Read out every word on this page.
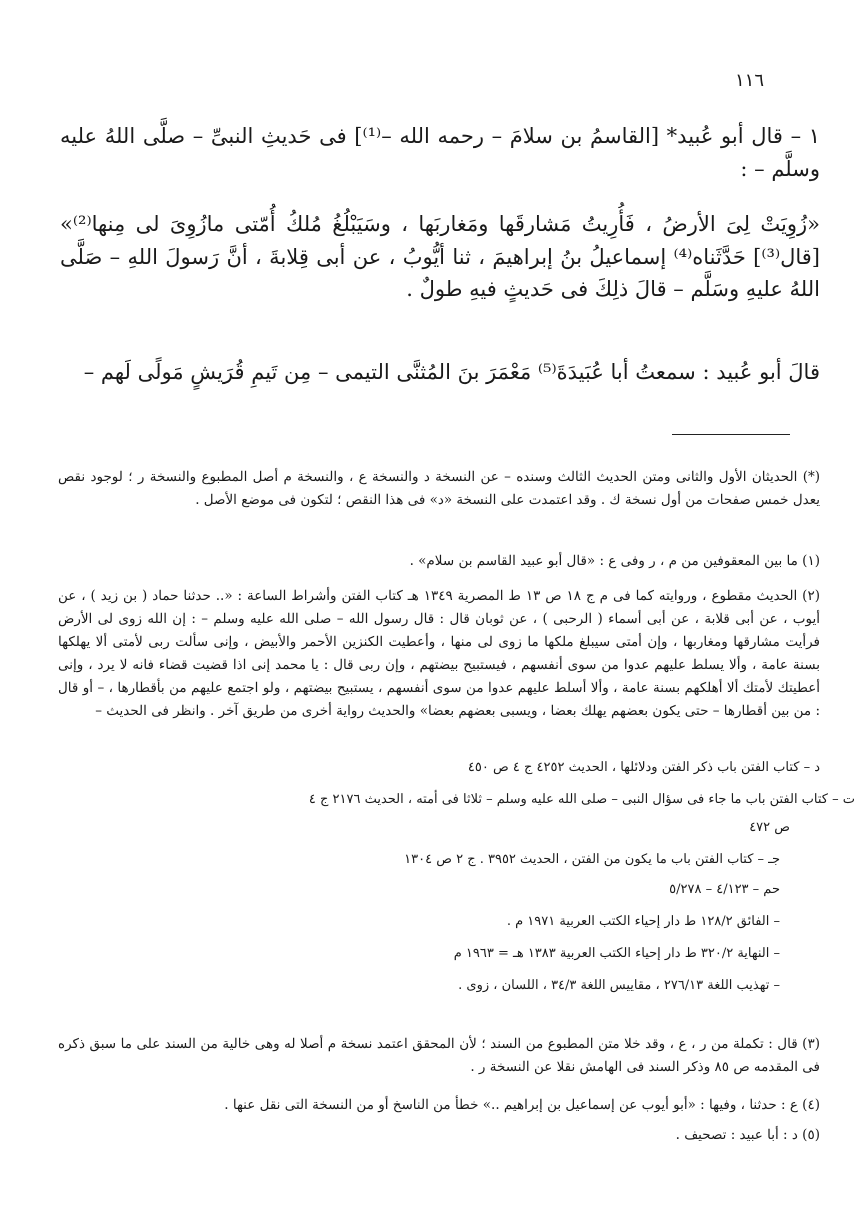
١١٦
١ – قال أبو عُبيد* [القاسمُ بن سلامَ – رحمه الله –⁽¹⁾] فى حَديثِ النبىِّ – صلَّى اللهُ عليه وسلَّم – :
«زُوِيَتْ لِىَ الأرضُ ، فَأُرِيتُ مَشارقَها ومَغاربَها ، وسَيَبْلُغُ مُلكُ أُمّتى مازُوِىَ لى مِنها⁽²⁾» [قال⁽³⁾] حَدَّثَناه⁽⁴⁾ إسماعيلُ بنُ إبراهيمَ ، ثنا أيُّوبُ ، عن أبى قِلابةَ ، أنَّ رَسولَ اللهِ – صَلَّى اللهُ عليهِ وسَلَّم – قالَ ذلِكَ فى حَديثٍ فيهِ طولٌ .
قالَ أبو عُبيد : سمعتُ أبا عُبَيدَةَ⁽⁵⁾ مَعْمَرَ بنَ المُثنَّى التيمى – مِن تَيمِ قُرَيشٍ مَولًى لَهم –
(*) الحديثان الأول والثانى ومتن الحديث الثالث وسنده – عن النسخة د والنسخة ع ، والنسخة م أصل المطبوع والنسخة ر ؛ لوجود نقص يعدل خمس صفحات من أول نسخة ك . وقد اعتمدت على النسخة «د» فى هذا النقص ؛ لتكون فى موضع الأصل .
(١) ما بين المعقوفين من م ، ر وفى ع : «قال أبو عبيد القاسم بن سلام» .
(٢) الحديث مقطوع ، وروايته كما فى م ج ١٨ ص ١٣ ط المصرية ١٣٤٩ هـ كتاب الفتن وأشراط الساعة : «.. حدثنا حماد ( بن زيد ) ، عن أيوب ، عن أبى قلابة ، عن أبى أسماء ( الرحبى ) ، عن ثوبان قال : قال رسول الله – صلى الله عليه وسلم – : إن الله زوى لى الأرض فرأيت مشارقها ومغاربها ، وإن أمتى سيبلغ ملكها ما زوى لى منها ، وأعطيت الكنزين الأحمر والأبيض ، وإنى سألت ربى لأمتى ألا يهلكها بسنة عامة ، وألا يسلط عليهم عدوا من سوى أنفسهم ، فيستبيح بيضتهم ، وإن ربى قال : يا محمد إنى اذا قضيت قضاء فانه لا يرد ، وإنى أعطيتك لأمتك ألا أهلكهم بسنة عامة ، وألا أسلط عليهم عدوا من سوى أنفسهم ، يستبيح بيضتهم ، ولو اجتمع عليهم من بأقطارها ، – أو قال : من بين أقطارها – حتى يكون بعضهم يهلك بعضا ، ويسبى بعضهم بعضا» والحديث رواية أخرى من طريق آخر . وانظر فى الحديث –
د – كتاب الفتن باب ذكر الفتن ودلائلها ، الحديث ٤٢٥٢ ج ٤ ص ٤٥٠
ت – كتاب الفتن باب ما جاء فى سؤال النبى – صلى الله عليه وسلم – ثلاثا فى أمته ، الحديث ٢١٧٦ ج ٤
ص ٤٧٢
جـ – كتاب الفتن باب ما يكون من الفتن ، الحديث ٣٩٥٢ . ج ٢ ص ١٣٠٤
حم – ٤/١٢٣ – ٥/٢٧٨
– الفائق ١٢٨/٢ ط دار إحياء الكتب العربية ١٩٧١ م .
– النهاية ٣٢٠/٢ ط دار إحياء الكتب العربية ١٣٨٣ هـ = ١٩٦٣ م
– تهذيب اللغة ٢٧٦/١٣ ، مقاييس اللغة ٣٤/٣ ، اللسان ، زوى .
(٣) قال : تكملة من ر ، ع ، وقد خلا متن المطبوع من السند ؛ لأن المحقق اعتمد نسخة م أصلا له وهى خالية من السند على ما سبق ذكره فى المقدمه ص ٨٥ وذكر السند فى الهامش نقلا عن النسخة ر .
(٤) ع : حدثنا ، وفيها : «أبو أيوب عن إسماعيل بن إبراهيم ..» خطأ من الناسخ أو من النسخة التى نقل عنها .
(٥) د : أبا عبيد : تصحيف .
